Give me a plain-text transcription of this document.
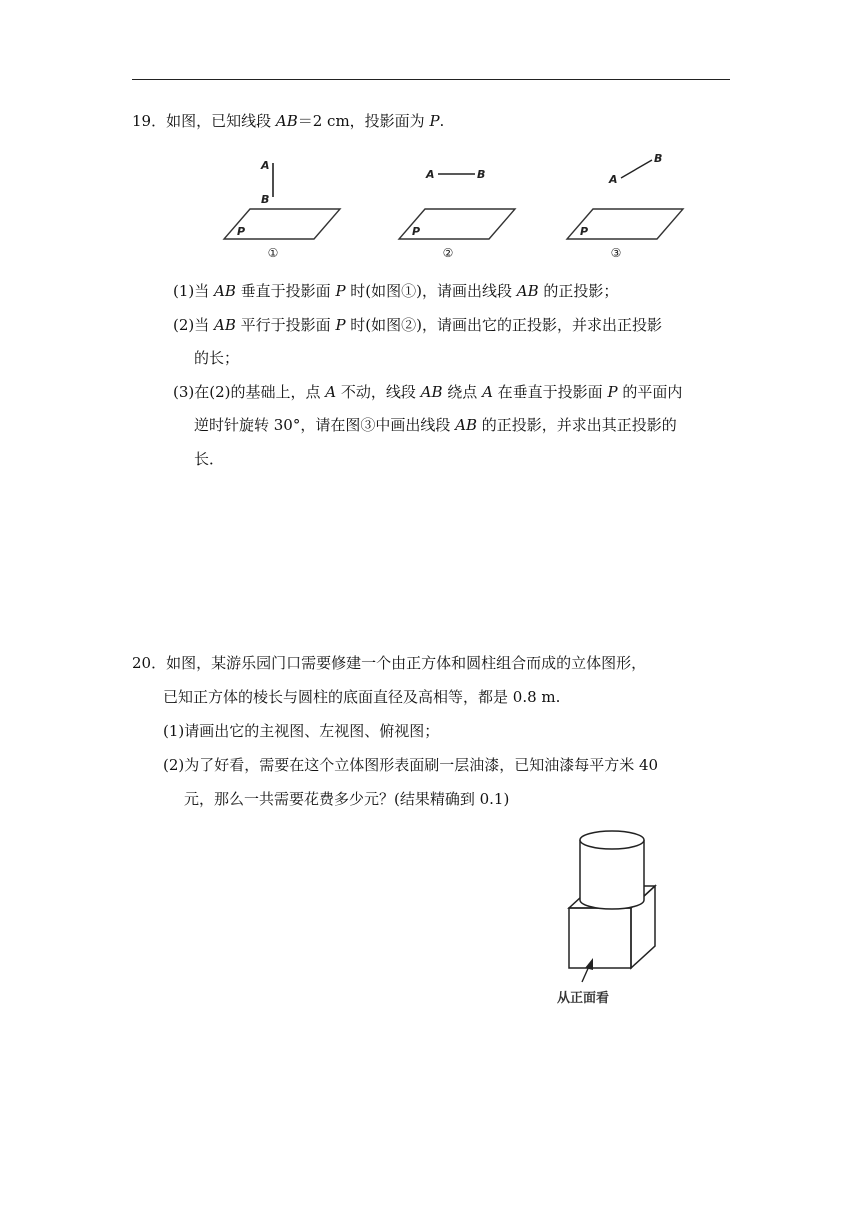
19．如图，已知线段 AB＝2 cm，投影面为 P.
A
B
P
①
A	B
P
②
A
B
P
③
(1)当 AB 垂直于投影面 P 时(如图①)，请画出线段 AB 的正投影；
(2)当 AB 平行于投影面 P 时(如图②)，请画出它的正投影，并求出正投影
的长；
(3)在(2)的基础上，点 A 不动，线段 AB 绕点 A 在垂直于投影面 P 的平面内
逆时针旋转 30°，请在图③中画出线段 AB 的正投影，并求出其正投影的
长．
20．如图，某游乐园门口需要修建一个由正方体和圆柱组合而成的立体图形，
已知正方体的棱长与圆柱的底面直径及高相等，都是 0.8 m.
(1)请画出它的主视图、左视图、俯视图；
(2)为了好看，需要在这个立体图形表面刷一层油漆，已知油漆每平方米 40
元，那么一共需要花费多少元？(结果精确到 0.1)
从正面看
